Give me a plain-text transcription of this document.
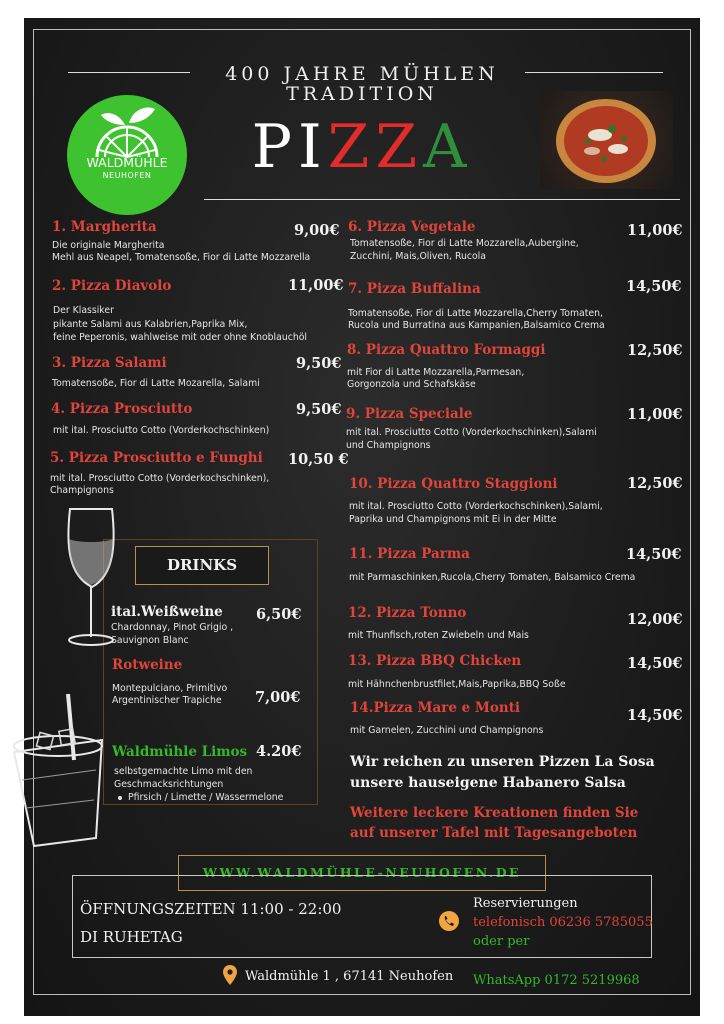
400 JAHRE MÜHLEN
TRADITION
PIZZA
WALDMÜHLE
NEUHOFEN
1. Margherita	9,00€
Die originale Margherita
Mehl aus Neapel, Tomatensoße, Fior di Latte Mozzarella
2. Pizza Diavolo	11,00€
Der Klassiker
pikante Salami aus Kalabrien,Paprika Mix,
feine Peperonis, wahlweise mit oder ohne Knoblauchöl
3. Pizza Salami	9,50€
Tomatensoße, Fior di Latte Mozarella, Salami
4. Pizza Prosciutto	9,50€
mit ital. Prosciutto Cotto (Vorderkochschinken)
5. Pizza Prosciutto e Funghi 10,50 €
mit ital. Prosciutto Cotto (Vorderkochschinken),
Champignons
6. Pizza Vegetale	11,00€
Tomatensoße, Fior di Latte Mozzarella,Aubergine,
Zucchini, Mais,Oliven, Rucola
7. Pizza Buffalina	14,50€
Tomatensoße, Fior di Latte Mozzarella,Cherry Tomaten,
Rucola und Burratina aus Kampanien,Balsamico Crema
8. Pizza Quattro Formaggi	12,50€
mit Fior di Latte Mozzarella,Parmesan,
Gorgonzola und Schafskäse
9. Pizza Speciale	11,00€
mit ital. Prosciutto Cotto (Vorderkochschinken),Salami
und Champignons
10. Pizza Quattro Staggioni	12,50€
mit ital. Prosciutto Cotto (Vorderkochschinken),Salami,
Paprika und Champignons mit Ei in der Mitte
11. Pizza Parma	14,50€
mit Parmaschinken,Rucola,Cherry Tomaten, Balsamico Crema
12. Pizza Tonno	12,00€
mit Thunfisch,roten Zwiebeln und Mais
13. Pizza BBQ Chicken	14,50€
mit Hähnchenbrustfilet,Mais,Paprika,BBQ Soße
14.Pizza Mare e Monti	14,50€
mit Garnelen, Zucchini und Champignons
DRINKS
ital.Weißweine 6,50€
Chardonnay, Pinot Grigio ,
Sauvignon Blanc
Rotweine
7,00€
Montepulciano, Primitivo
Argentinischer Trapiche
Waldmühle Limos 4.20€
selbstgemachte Limo mit den
Geschmacksrichtungen
Pfirsich / Limette / Wassermelone
Wir reichen zu unseren Pizzen La Sosa
unsere hauseigene Habanero Salsa
Weitere leckere Kreationen finden Sie
auf unserer Tafel mit Tagesangeboten
WWW.WALDMÜHLE-NEUHOFEN.DE
ÖFFNUNGSZEITEN 11:00 - 22:00
DI RUHETAG
Reservierungen
telefonisch 06236 5785055
oder per
WhatsApp 0172 5219968
Waldmühle 1 , 67141 Neuhofen
